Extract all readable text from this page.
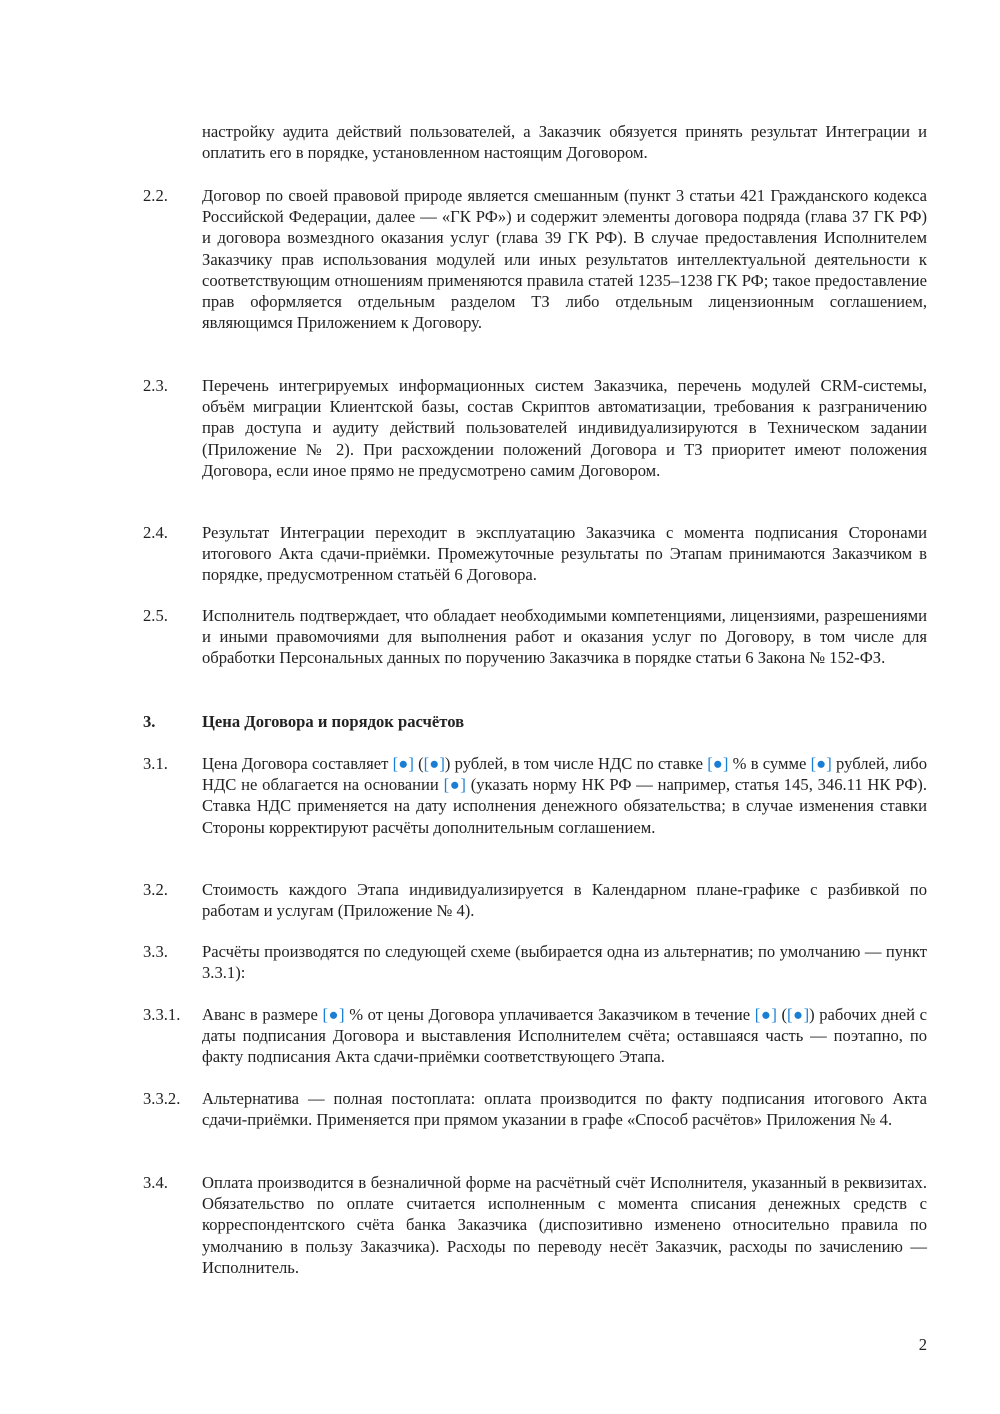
настройку аудита действий пользователей, а Заказчик обязуется принять результат Интеграции и оплатить его в порядке, установленном настоящим Договором.
2.2.	Договор по своей правовой природе является смешанным (пункт 3 статьи 421 Гражданского кодекса Российской Федерации, далее — «ГК РФ») и содержит элементы договора подряда (глава 37 ГК РФ) и договора возмездного оказания услуг (глава 39 ГК РФ). В случае предоставления Исполнителем Заказчику прав использования модулей или иных результатов интеллектуальной деятельности к соответствующим отношениям применяются правила статей 1235–1238 ГК РФ; такое предоставление прав оформляется отдельным разделом ТЗ либо отдельным лицензионным соглашением, являющимся Приложением к Договору.
2.3.	Перечень интегрируемых информационных систем Заказчика, перечень модулей CRM-системы, объём миграции Клиентской базы, состав Скриптов автоматизации, требования к разграничению прав доступа и аудиту действий пользователей индивидуализируются в Техническом задании (Приложение № 2). При расхождении положений Договора и ТЗ приоритет имеют положения Договора, если иное прямо не предусмотрено самим Договором.
2.4.	Результат Интеграции переходит в эксплуатацию Заказчика с момента подписания Сторонами итогового Акта сдачи-приёмки. Промежуточные результаты по Этапам принимаются Заказчиком в порядке, предусмотренном статьёй 6 Договора.
2.5.	Исполнитель подтверждает, что обладает необходимыми компетенциями, лицензиями, разрешениями и иными правомочиями для выполнения работ и оказания услуг по Договору, в том числе для обработки Персональных данных по поручению Заказчика в порядке статьи 6 Закона № 152-ФЗ.
3.	Цена Договора и порядок расчётов
3.1.	Цена Договора составляет [●] ([●]) рублей, в том числе НДС по ставке [●] % в сумме [●] рублей, либо НДС не облагается на основании [●] (указать норму НК РФ — например, статья 145, 346.11 НК РФ). Ставка НДС применяется на дату исполнения денежного обязательства; в случае изменения ставки Стороны корректируют расчёты дополнительным соглашением.
3.2.	Стоимость каждого Этапа индивидуализируется в Календарном плане-графике с разбивкой по работам и услугам (Приложение № 4).
3.3.	Расчёты производятся по следующей схеме (выбирается одна из альтернатив; по умолчанию — пункт 3.3.1):
3.3.1.	Аванс в размере [●] % от цены Договора уплачивается Заказчиком в течение [●] ([●]) рабочих дней с даты подписания Договора и выставления Исполнителем счёта; оставшаяся часть — поэтапно, по факту подписания Акта сдачи-приёмки соответствующего Этапа.
3.3.2.	Альтернатива — полная постоплата: оплата производится по факту подписания итогового Акта сдачи-приёмки. Применяется при прямом указании в графе «Способ расчётов» Приложения № 4.
3.4.	Оплата производится в безналичной форме на расчётный счёт Исполнителя, указанный в реквизитах. Обязательство по оплате считается исполненным с момента списания денежных средств с корреспондентского счёта банка Заказчика (диспозитивно изменено относительно правила по умолчанию в пользу Заказчика). Расходы по переводу несёт Заказчик, расходы по зачислению — Исполнитель.
2
